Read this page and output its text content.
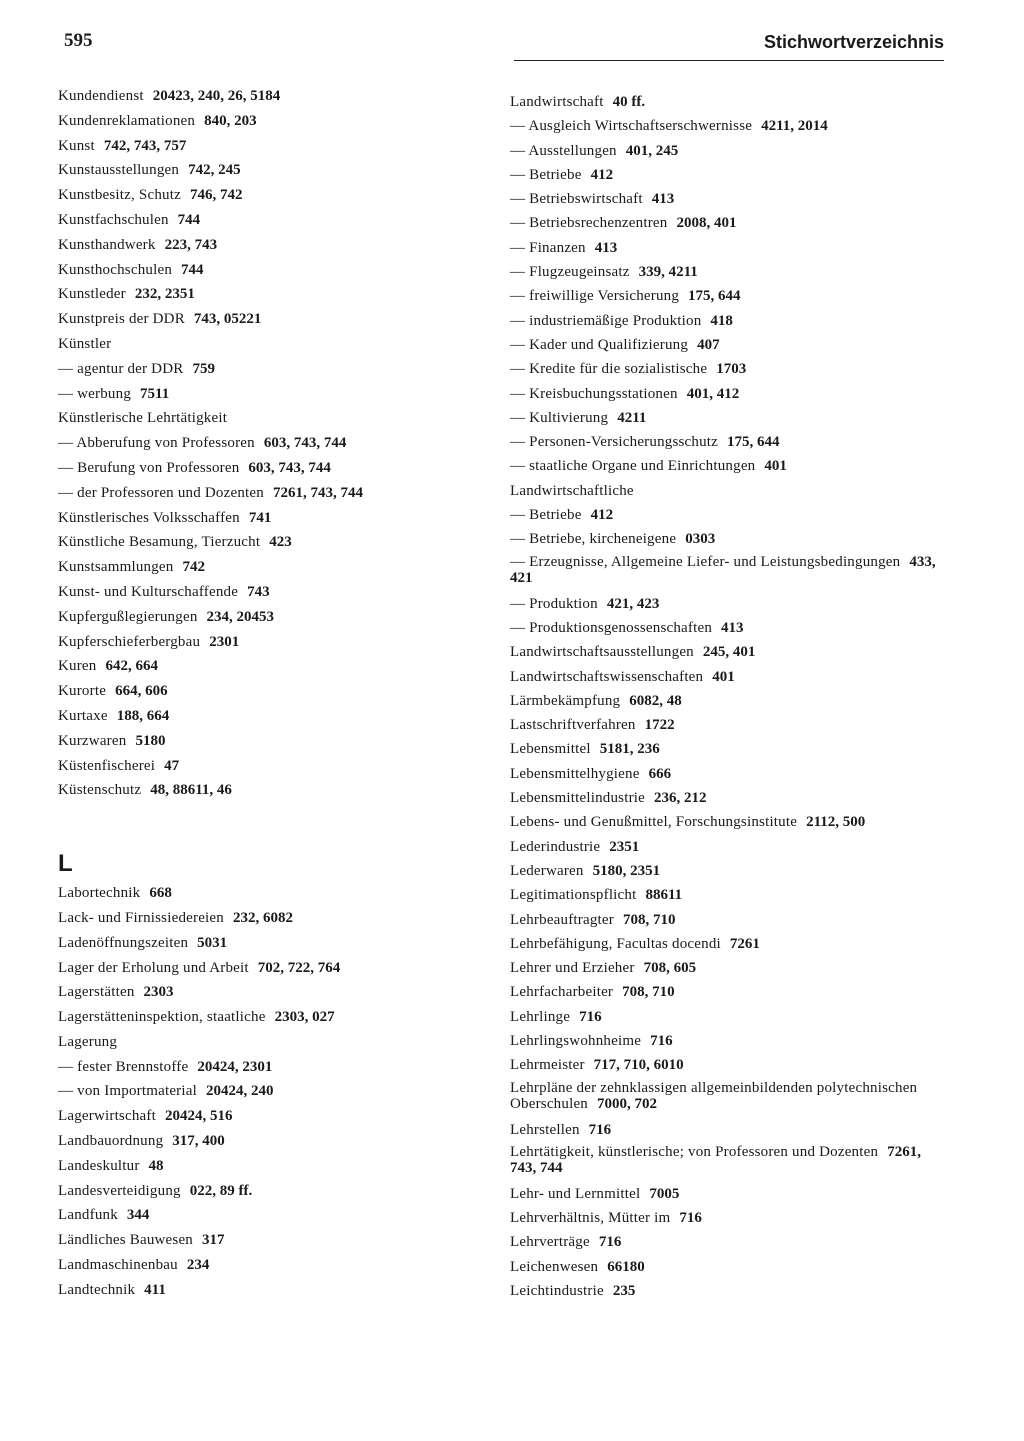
595	Stichwortverzeichnis
Kundendienst 20423, 240, 26, 5184
Kundenreklamationen 840, 203
Kunst 742, 743, 757
Kunstausstellungen 742, 245
Kunstbesitz, Schutz 746, 742
Kunstfachschulen 744
Kunsthandwerk 223, 743
Kunsthochschulen 744
Kunstleder 232, 2351
Kunstpreis der DDR 743, 05221
Künstler
— agentur der DDR 759
— werbung 7511
Künstlerische Lehrtätigkeit
— Abberufung von Professoren 603, 743, 744
— Berufung von Professoren 603, 743, 744
— der Professoren und Dozenten 7261, 743, 744
Künstlerisches Volksschaffen 741
Künstliche Besamung, Tierzucht 423
Kunstsammlungen 742
Kunst- und Kulturschaffende 743
Kupfergußlegierungen 234, 20453
Kupferschieferbergbau 2301
Kuren 642, 664
Kurorte 664, 606
Kurtaxe 188, 664
Kurzwaren 5180
Küstenfischerei 47
Küstenschutz 48, 88611, 46
L
Labortechnik 668
Lack- und Firnissiedereien 232, 6082
Ladenöffnungszeiten 5031
Lager der Erholung und Arbeit 702, 722, 764
Lagerstätten 2303
Lagerstätteninspektion, staatliche 2303, 027
Lagerung
— fester Brennstoffe 20424, 2301
— von Importmaterial 20424, 240
Lagerwirtschaft 20424, 516
Landbauordnung 317, 400
Landeskultur 48
Landesverteidigung 022, 89 ff.
Landfunk 344
Ländliches Bauwesen 317
Landmaschinenbau 234
Landtechnik 411
Landwirtschaft 40 ff.
— Ausgleich Wirtschaftserschwernisse 4211, 2014
— Ausstellungen 401, 245
— Betriebe 412
— Betriebswirtschaft 413
— Betriebsrechenzentren 2008, 401
— Finanzen 413
— Flugzeugeinsatz 339, 4211
— freiwillige Versicherung 175, 644
— industriemäßige Produktion 418
— Kader und Qualifizierung 407
— Kredite für die sozialistische 1703
— Kreisbuchungsstationen 401, 412
— Kultivierung 4211
— Personen-Versicherungsschutz 175, 644
— staatliche Organe und Einrichtungen 401
Landwirtschaftliche
— Betriebe 412
— Betriebe, kircheneigene 0303
— Erzeugnisse, Allgemeine Liefer- und Leistungsbedingungen 433, 421
— Produktion 421, 423
— Produktionsgenossenschaften 413
Landwirtschaftsausstellungen 245, 401
Landwirtschaftswissenschaften 401
Lärmbekämpfung 6082, 48
Lastschriftverfahren 1722
Lebensmittel 5181, 236
Lebensmittelhygiene 666
Lebensmittelindustrie 236, 212
Lebens- und Genußmittel, Forschungsinstitute 2112, 500
Lederindustrie 2351
Lederwaren 5180, 2351
Legitimationspflicht 88611
Lehrbeauftragter 708, 710
Lehrbefähigung, Facultas docendi 7261
Lehrer und Erzieher 708, 605
Lehrfacharbeiter 708, 710
Lehrlinge 716
Lehrlingswohnheime 716
Lehrmeister 717, 710, 6010
Lehrpläne der zehnklassigen allgemeinbildenden polytechnischen Oberschulen 7000, 702
Lehrstellen 716
Lehrtätigkeit, künstlerische; von Professoren und Dozenten 7261, 743, 744
Lehr- und Lernmittel 7005
Lehrverhältnis, Mütter im 716
Lehrverträge 716
Leichenwesen 66180
Leichtindustrie 235
